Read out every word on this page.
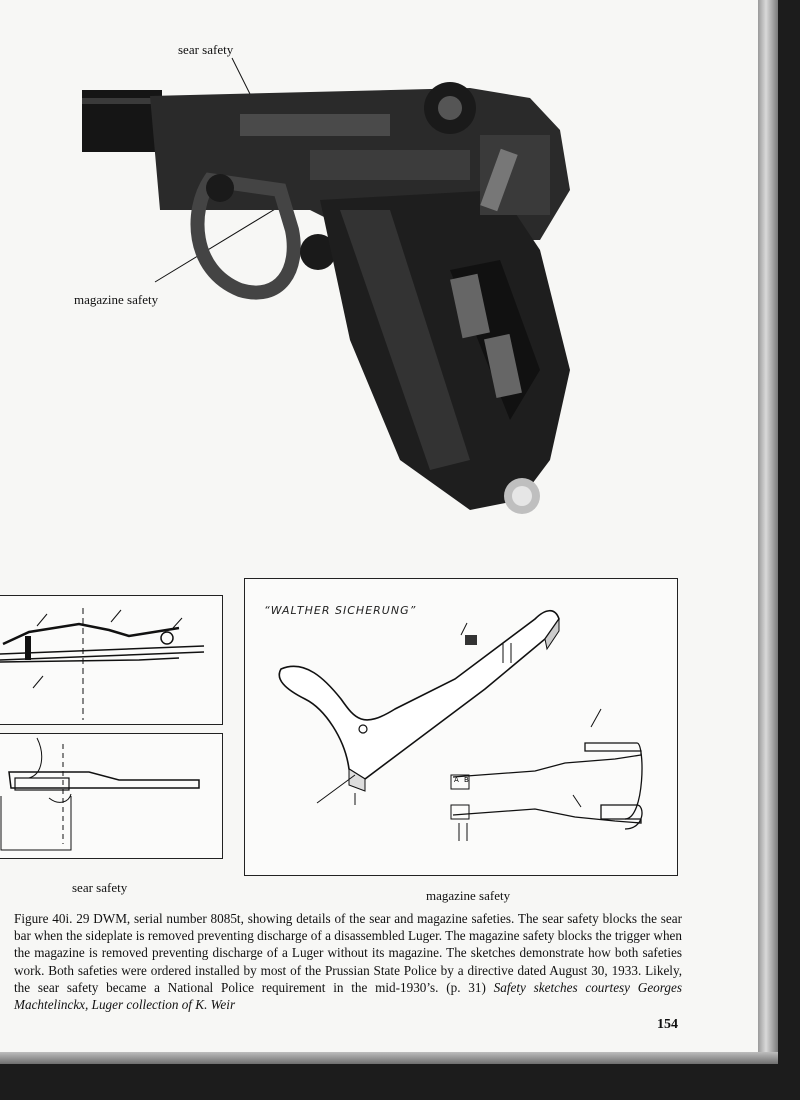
sear safety
magazine safety
A B
“WALTHER SICHERUNG”
sear safety
magazine safety
Figure 40i. 29 DWM, serial number 8085t, showing details of the sear and magazine safeties. The sear safety blocks the sear bar when the sideplate is removed preventing discharge of a disassembled Luger. The magazine safety blocks the trigger when the magazine is removed preventing discharge of a Luger without its magazine. The sketches demonstrate how both safeties work. Both safeties were ordered installed by most of the Prussian State Police by a directive dated August 30, 1933. Likely, the sear safety became a National Police requirement in the mid-1930’s. (p. 31) Safety sketches courtesy Georges Machtelinckx, Luger collection of K. Weir
154
